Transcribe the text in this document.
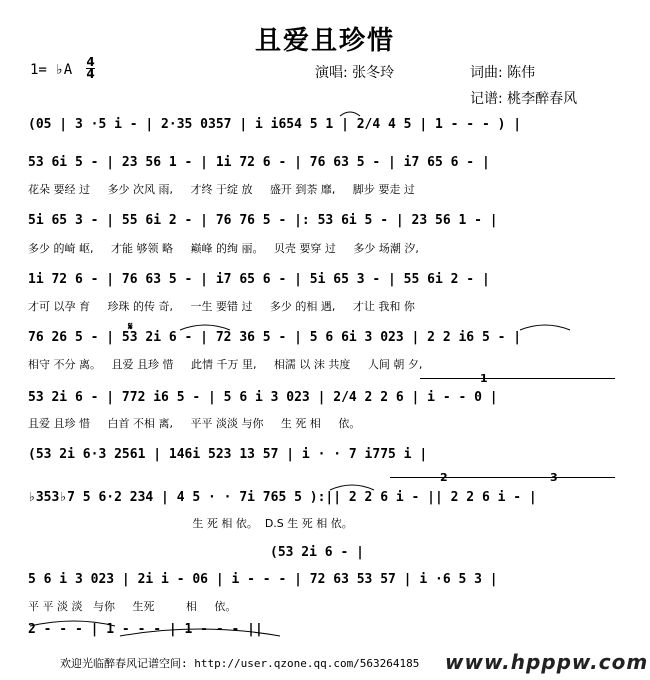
且爱且珍惜
1= ♭A 4
4	演唱: 张冬玲	词曲: 陈伟
记谱: 桃李醉春风
(05 | 3 ·5 i - | 2·35 0357 | i i654 5 1 | 2/4 4 5 | 1 - - - ) |
53 6i 5 - | 23 56 1 - | 1i 72 6 - | 76 63 5 - | i7 65 6 - |
花朵 要经 过     多少 次风 雨,     才终 于绽 放     盛开 到荼 靡,     脚步 要走 过
5i 65 3 - | 55 6i 2 - | 76 76 5 - |: 53 6i 5 - | 23 56 1 - |
多少 的崎 岖,     才能 够领 略     巅峰 的绚 丽。   贝壳 要穿 过     多少 场潮 汐,
1i 72 6 - | 76 63 5 - | i7 65 6 - | 5i 65 3 - | 55 6i 2 - |
才可 以孕 育     珍珠 的传 奇,     一生 要错 过     多少 的相 遇,     才让 我和 你
𝄋
76 26 5 - | 53 2i 6 - | 72 36 5 - | 5 6 6i 3 023 | 2 2 i6 5 - |
相守 不分 离。   且爱 且珍 惜     此情 千万 里,     相濡 以 沫 共度     人间 朝 夕,
1
53 2i 6 - | 772 i6 5 - | 5 6 i 3 023 | 2/4 2 2 6 | i - - 0 |
且爱 且珍 惜     白首 不相 离,     平平 淡淡 与你     生 死 相     依。
(53 2i 6·3 2561 | 146i 523 13 57 | i · · 7 i775 i |
2	3
♭353♭7 5 6·2 234 | 4 5 · · 7i 765 5 ):|| 2 2 6 i - || 2 2 6 i - |
生 死 相 依。  D.S 生 死 相 依。
(53 2i 6 - |
5 6 i 3 023 | 2i i - 06 | i - - - | 72 63 53 57 | i ·6 5 3 |
平 平 淡 淡   与你     生死         相     依。
2 - - - | 1 - - - | 1 - - - ||
欢迎光临醉春风记谱空间: http://user.qzone.qq.com/563264185 www.hpppw.com
